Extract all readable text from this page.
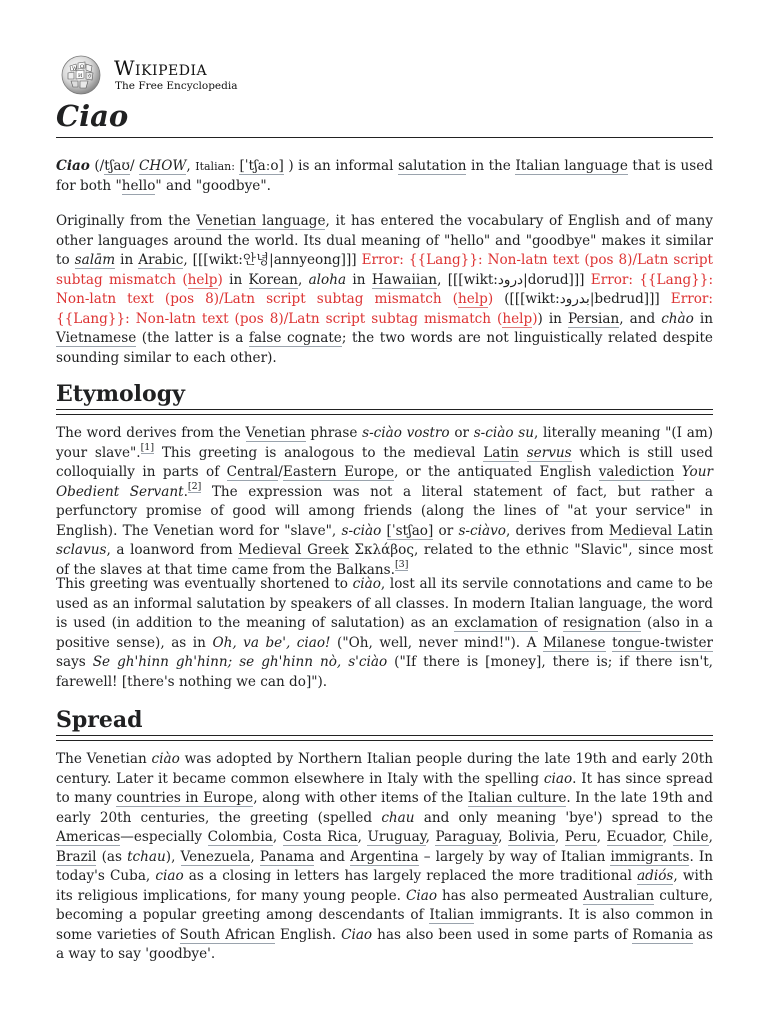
W Ω
И ウ Wikipedia
The Free Encyclopedia
Ciao

Ciao (/tʃaʊ/ CHOW, Italian: [ˈtʃaːo] ) is an informal salutation in the Italian language that is used for both "hello" and "goodbye".

Originally from the Venetian language, it has entered the vocabulary of English and of many other languages around the world. Its dual meaning of "hello" and "goodbye" makes it similar to salām in Arabic, [[[wikt:안녕|annyeong]]] Error: {{Lang}}: Non-latn text (pos 8)/Latn script subtag mismatch (help) in Korean, aloha in Hawaiian, [[[wikt:درود|dorud]]] Error: {{Lang}}: Non-latn text (pos 8)/Latn script subtag mismatch (help) ([[[wikt:بدرود|bedrud]]] Error: {{Lang}}: Non-latn text (pos 8)/Latn script subtag mismatch (help)) in Persian, and chào in Vietnamese (the latter is a false cognate; the two words are not linguistically related despite sounding similar to each other).

Etymology

The word derives from the Venetian phrase s-ciào vostro or s-ciào su, literally meaning "(I am) your slave".[1] This greeting is analogous to the medieval Latin servus which is still used colloquially in parts of Central/Eastern Europe, or the antiquated English valediction Your Obedient Servant.[2] The expression was not a literal statement of fact, but rather a perfunctory promise of good will among friends (along the lines of "at your service" in English). The Venetian word for "slave", s-ciào [ˈstʃao] or s-ciàvo, derives from Medieval Latin sclavus, a loanword from Medieval Greek Σκλάβος, related to the ethnic "Slavic", since most of the slaves at that time came from the Balkans.[3]

This greeting was eventually shortened to ciào, lost all its servile connotations and came to be used as an informal salutation by speakers of all classes. In modern Italian language, the word is used (in addition to the meaning of salutation) as an exclamation of resignation (also in a positive sense), as in Oh, va be', ciao! ("Oh, well, never mind!"). A Milanese tongue-twister says Se gh'hinn gh'hinn; se gh'hinn nò, s'ciào ("If there is [money], there is; if there isn't, farewell! [there's nothing we can do]").

Spread

The Venetian ciào was adopted by Northern Italian people during the late 19th and early 20th century. Later it became common elsewhere in Italy with the spelling ciao. It has since spread to many countries in Europe, along with other items of the Italian culture. In the late 19th and early 20th centuries, the greeting (spelled chau and only meaning 'bye') spread to the Americas—especially Colombia, Costa Rica, Uruguay, Paraguay, Bolivia, Peru, Ecuador, Chile, Brazil (as tchau), Venezuela, Panama and Argentina – largely by way of Italian immigrants. In today's Cuba, ciao as a closing in letters has largely replaced the more traditional adiós, with its religious implications, for many young people. Ciao has also permeated Australian culture, becoming a popular greeting among descendants of Italian immigrants. It is also common in some varieties of South African English. Ciao has also been used in some parts of Romania as a way to say 'goodbye'.
